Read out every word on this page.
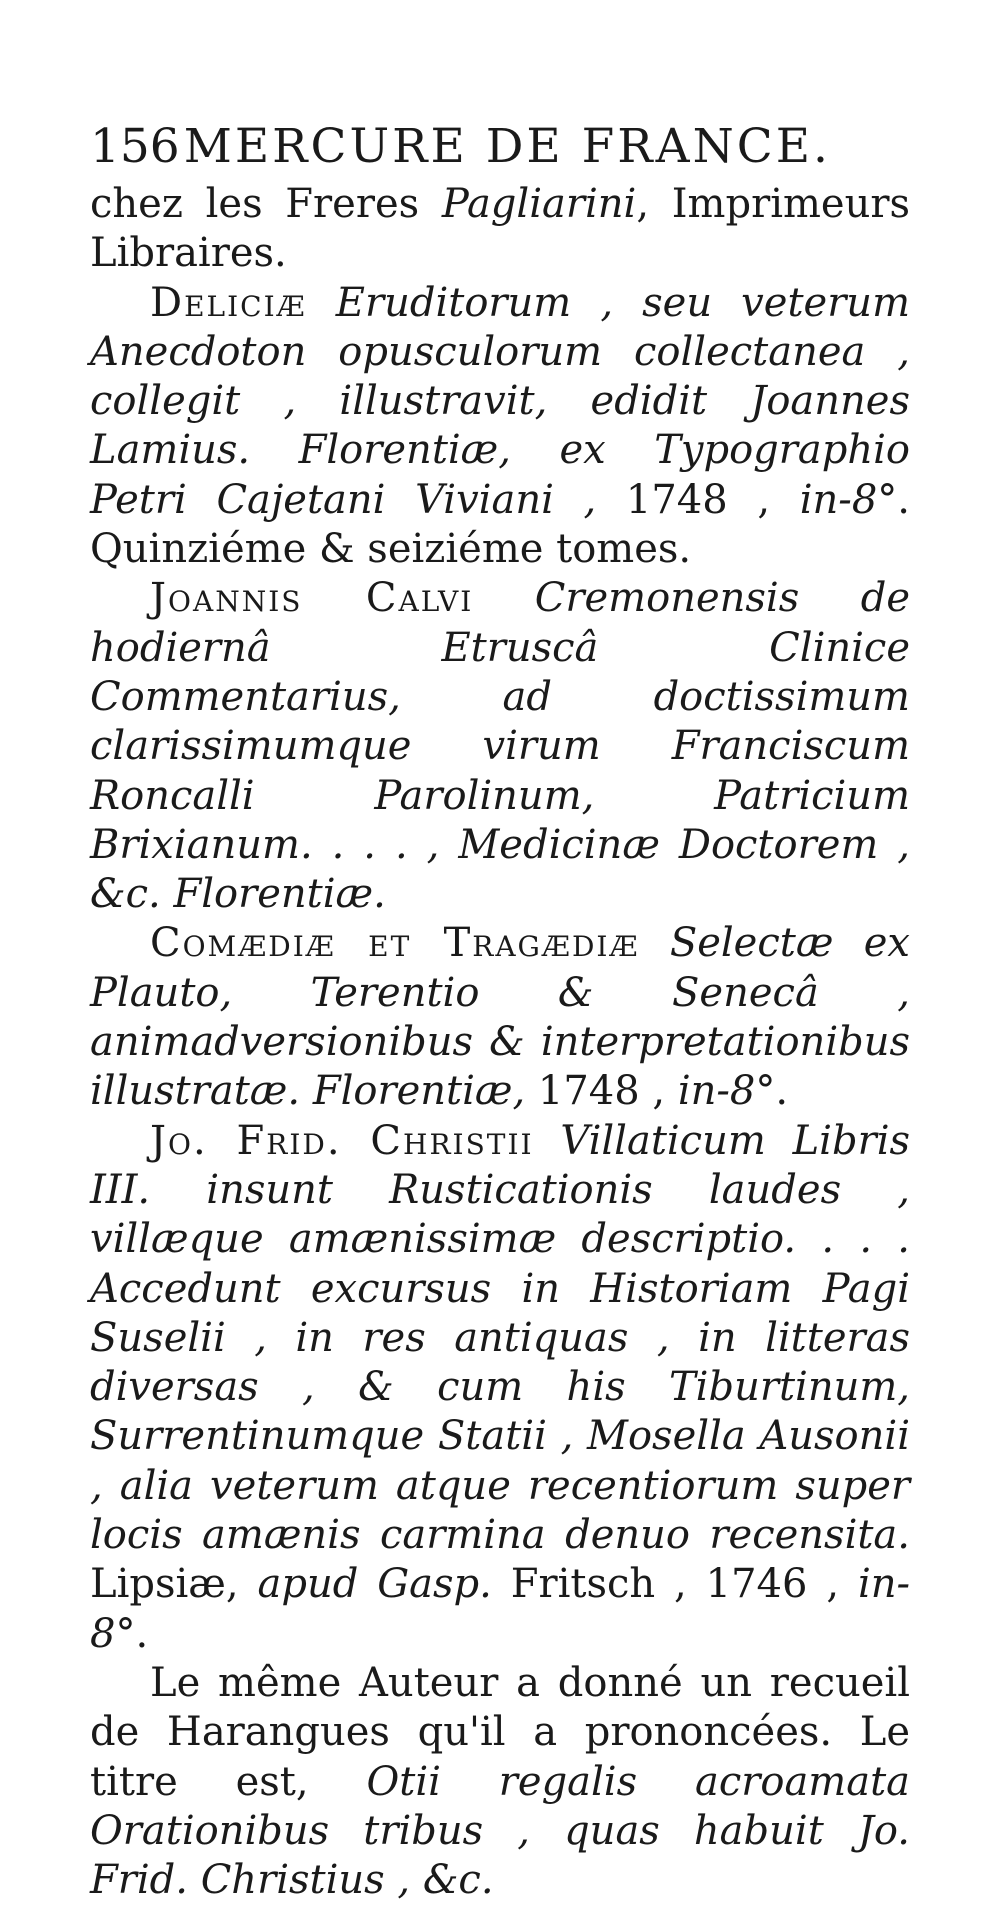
156 MERCURE DE FRANCE.

chez les Freres Pagliarini, Imprimeurs Libraires.

Deliciæ Eruditorum , seu veterum Anecdoton opusculorum collectanea , collegit , illustravit, edidit Joannes Lamius. Florentiæ, ex Typographio Petri Cajetani Viviani , 1748 , in-8°. Quinziéme & seiziéme tomes.

Joannis Calvi Cremonensis de hodiernâ Etruscâ Clinice Commentarius, ad doctissimum clarissimumque virum Franciscum Roncalli Parolinum, Patricium Brixianum. . . . , Medicinæ Doctorem , &c. Florentiæ.

Comædiæ et Tragædiæ Selectæ ex Plauto, Terentio & Senecâ , animadversionibus & interpretationibus illustratæ. Florentiæ, 1748 , in-8°.

Jo. Frid. Christii Villaticum Libris III. insunt Rusticationis laudes , villæque amænissimæ descriptio. . . . Accedunt excursus in Historiam Pagi Suselii , in res antiquas , in litteras diversas , & cum his Tiburtinum, Surrentinumque Statii , Mosella Ausonii , alia veterum atque recentiorum super locis amænis carmina denuo recensita. Lipsiæ, apud Gasp. Fritsch , 1746 , in-8°.

Le même Auteur a donné un recueil de Harangues qu'il a prononcées. Le titre est, Otii regalis acroamata Orationibus tribus , quas habuit Jo. Frid. Christius , &c.
